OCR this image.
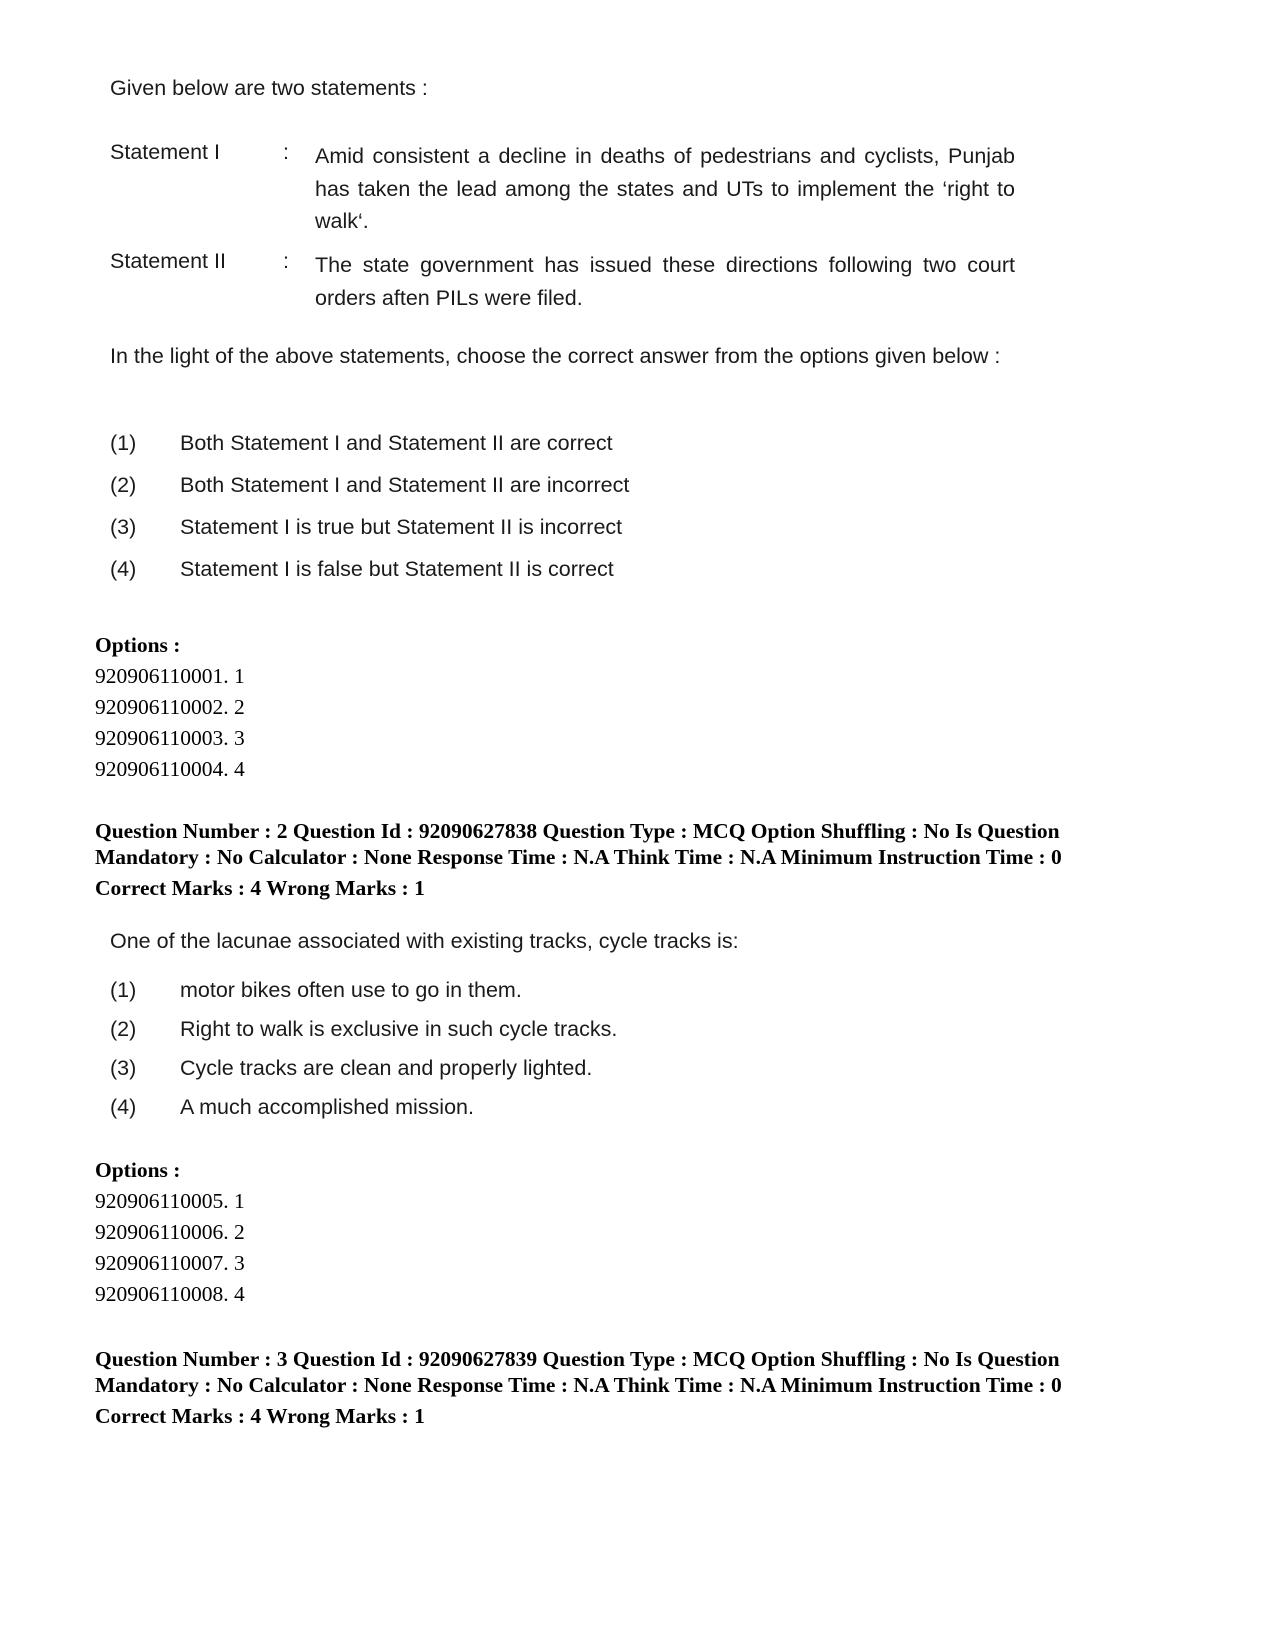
Given below are two statements :
Statement I	: Amid consistent a decline in deaths of pedestrians and cyclists, Punjab has taken the lead among the states and UTs to implement the ‘right to walk‘.
Statement II	: The state government has issued these directions following two court orders aften PILs were filed.
In the light of the above statements, choose the correct answer from the options given below :
(1) Both Statement I and Statement II are correct
(2) Both Statement I and Statement II are incorrect
(3) Statement I is true but Statement II is incorrect
(4) Statement I is false but Statement II is correct
Options :
920906110001. 1
920906110002. 2
920906110003. 3
920906110004. 4
Question Number : 2 Question Id : 92090627838 Question Type : MCQ Option Shuffling : No Is Question
Mandatory : No Calculator : None Response Time : N.A Think Time : N.A Minimum Instruction Time : 0
Correct Marks : 4 Wrong Marks : 1
One of the lacunae associated with existing tracks, cycle tracks is:
(1) motor bikes often use to go in them.
(2) Right to walk is exclusive in such cycle tracks.
(3) Cycle tracks are clean and properly lighted.
(4) A much accomplished mission.
Options :
920906110005. 1
920906110006. 2
920906110007. 3
920906110008. 4
Question Number : 3 Question Id : 92090627839 Question Type : MCQ Option Shuffling : No Is Question
Mandatory : No Calculator : None Response Time : N.A Think Time : N.A Minimum Instruction Time : 0
Correct Marks : 4 Wrong Marks : 1
